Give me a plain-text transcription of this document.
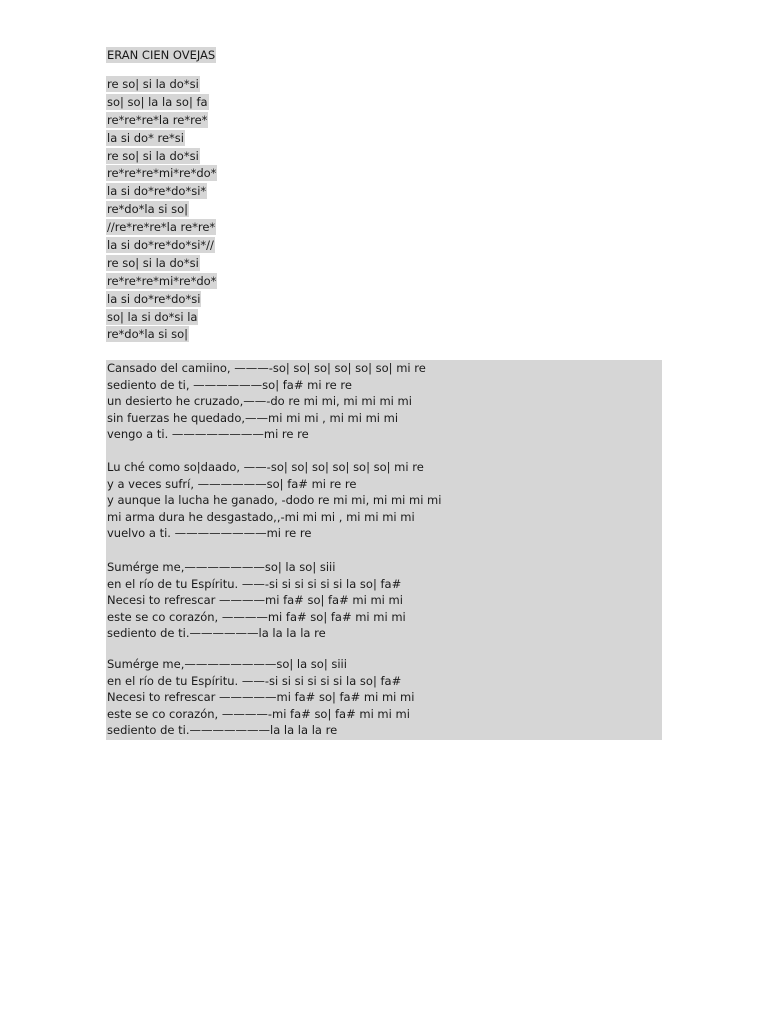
ERAN CIEN OVEJAS
re so| si la do*si
so| so| la la so| fa
re*re*re*la re*re*
la si do* re*si
re so| si la do*si
re*re*re*mi*re*do*
la si do*re*do*si*
re*do*la si so|
//re*re*re*la re*re*
la si do*re*do*si*//
re so| si la do*si
re*re*re*mi*re*do*
la si do*re*do*si
so| la si do*si la
re*do*la si so|
Cansado del camiino, ———-so| so| so| so| so| so| mi re
sediento de ti, ——————so| fa# mi re re
un desierto he cruzado,——-do re mi mi, mi mi mi mi
sin fuerzas he quedado,——mi mi mi , mi mi mi mi
vengo a ti. ————————mi re re
Lu ché como so|daado, ——-so| so| so| so| so| so| mi re
y a veces sufrí, ——————so| fa# mi re re
y aunque la lucha he ganado, -dodo re mi mi, mi mi mi mi
mi arma dura he desgastado,,-mi mi mi , mi mi mi mi
vuelvo a ti. ————————mi re re
Sumérge me,———————so| la so| siii
en el río de tu Espíritu. ——-si si si si si si la so| fa#
Necesi to refrescar ————mi fa# so| fa# mi mi mi
este se co corazón, ————mi fa# so| fa# mi mi mi
sediento de ti.——————la la la la re
Sumérge me,————————so| la so| siii
en el río de tu Espíritu. ——-si si si si si si la so| fa#
Necesi to refrescar —————mi fa# so| fa# mi mi mi
este se co corazón, ————-mi fa# so| fa# mi mi mi
sediento de ti.———————la la la la re
